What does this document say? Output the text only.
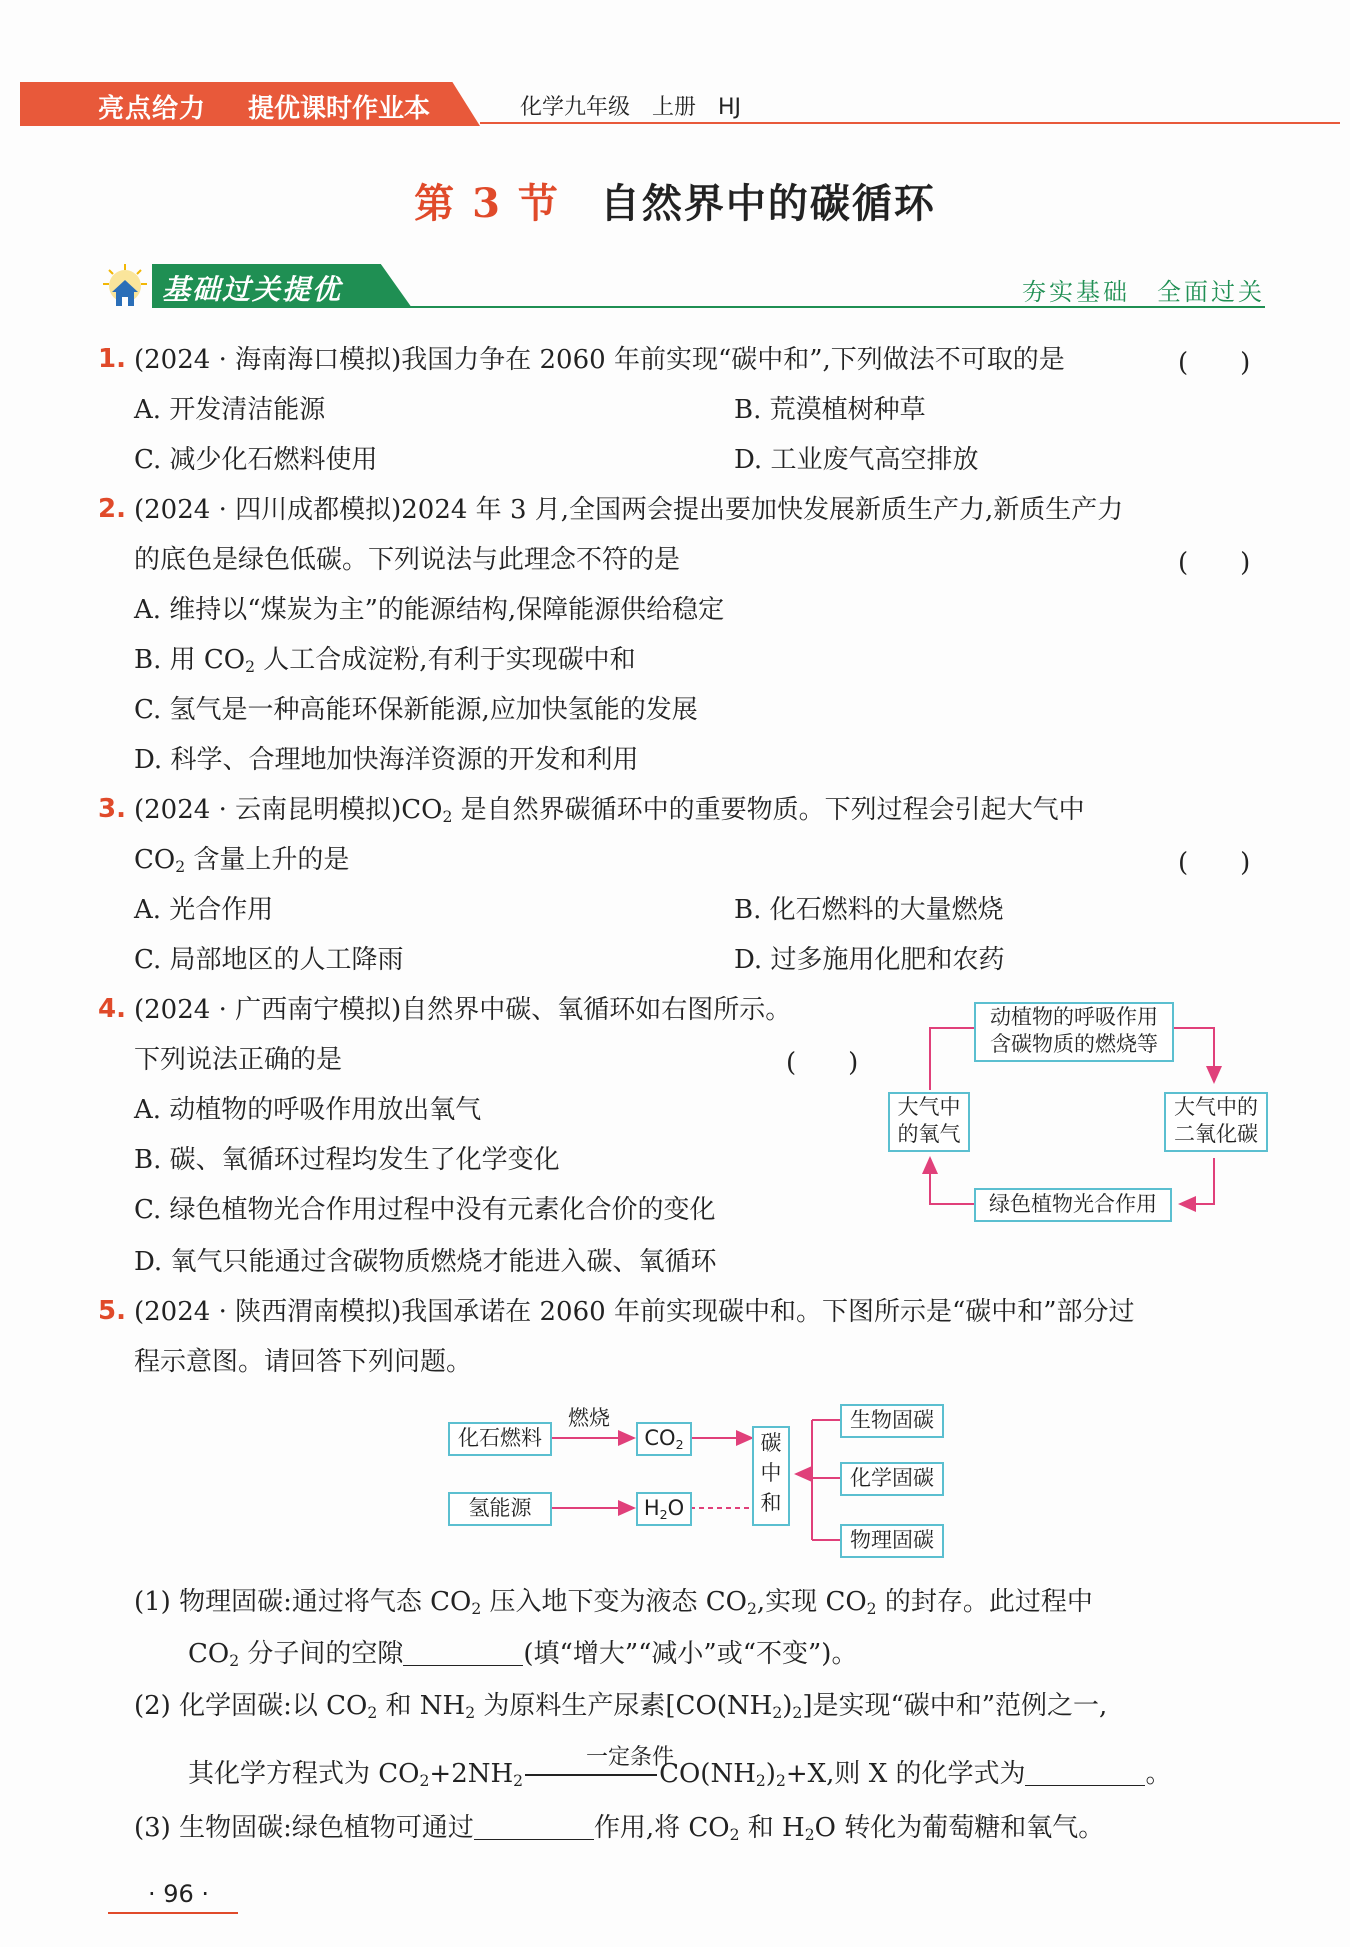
亮点给力 提优课时作业本	化学九年级　上册　HJ
第 3 节 自然界中的碳循环
基础过关提优	夯实基础　全面过关
1. (2024 · 海南海口模拟)我国力争在 2060 年前实现“碳中和”,下列做法不可取的是	(　　)
A. 开发清洁能源	B. 荒漠植树种草
C. 减少化石燃料使用	D. 工业废气高空排放
2. (2024 · 四川成都模拟)2024 年 3 月,全国两会提出要加快发展新质生产力,新质生产力
的底色是绿色低碳。下列说法与此理念不符的是	(　　)
A. 维持以“煤炭为主”的能源结构,保障能源供给稳定
B. 用 $CO_2$ 人工合成淀粉,有利于实现碳中和
C. 氢气是一种高能环保新能源,应加快氢能的发展
D. 科学、合理地加快海洋资源的开发和利用
3. (2024 · 云南昆明模拟)$CO_2$ 是自然界碳循环中的重要物质。下列过程会引起大气中
$CO_2$ 含量上升的是	(　　)
A. 光合作用	B. 化石燃料的大量燃烧
C. 局部地区的人工降雨	D. 过多施用化肥和农药
4. (2024 · 广西南宁模拟)自然界中碳、氧循环如右图所示。
下列说法正确的是	(　　)
A. 动植物的呼吸作用放出氧气
B. 碳、氧循环过程均发生了化学变化
C. 绿色植物光合作用过程中没有元素化合价的变化
D. 氧气只能通过含碳物质燃烧才能进入碳、氧循环
动植物的呼吸作用
含碳物质的燃烧等
大气中
的氧气
大气中的
二氧化碳
绿色植物光合作用
5. (2024 · 陕西渭南模拟)我国承诺在 2060 年前实现碳中和。下图所示是“碳中和”部分过
程示意图。请回答下列问题。
燃烧
化石燃料	$CO_2$
氢能源	$H_2O$
碳
中
和
生物固碳
化学固碳
物理固碳
(1) 物理固碳:通过将气态 $CO_2$ 压入地下变为液态 $CO_2$,实现 $CO_2$ 的封存。此过程中
$CO_2$ 分子间的空隙	(填“增大”“减小”或“不变”)。
(2) 化学固碳:以 $CO_2$ 和 $NH_2$ 为原料生产尿素$[CO(NH_2)_2]$是实现“碳中和”范例之一,
一定条件
其化学方程式为 $CO_2+2NH_2$	$CO(NH_2)_2+X$,则 X 的化学式为	。
(3) 生物固碳:绿色植物可通过	作用,将 $CO_2$ 和 $H_2O$ 转化为葡萄糖和氧气。
· 96 ·
